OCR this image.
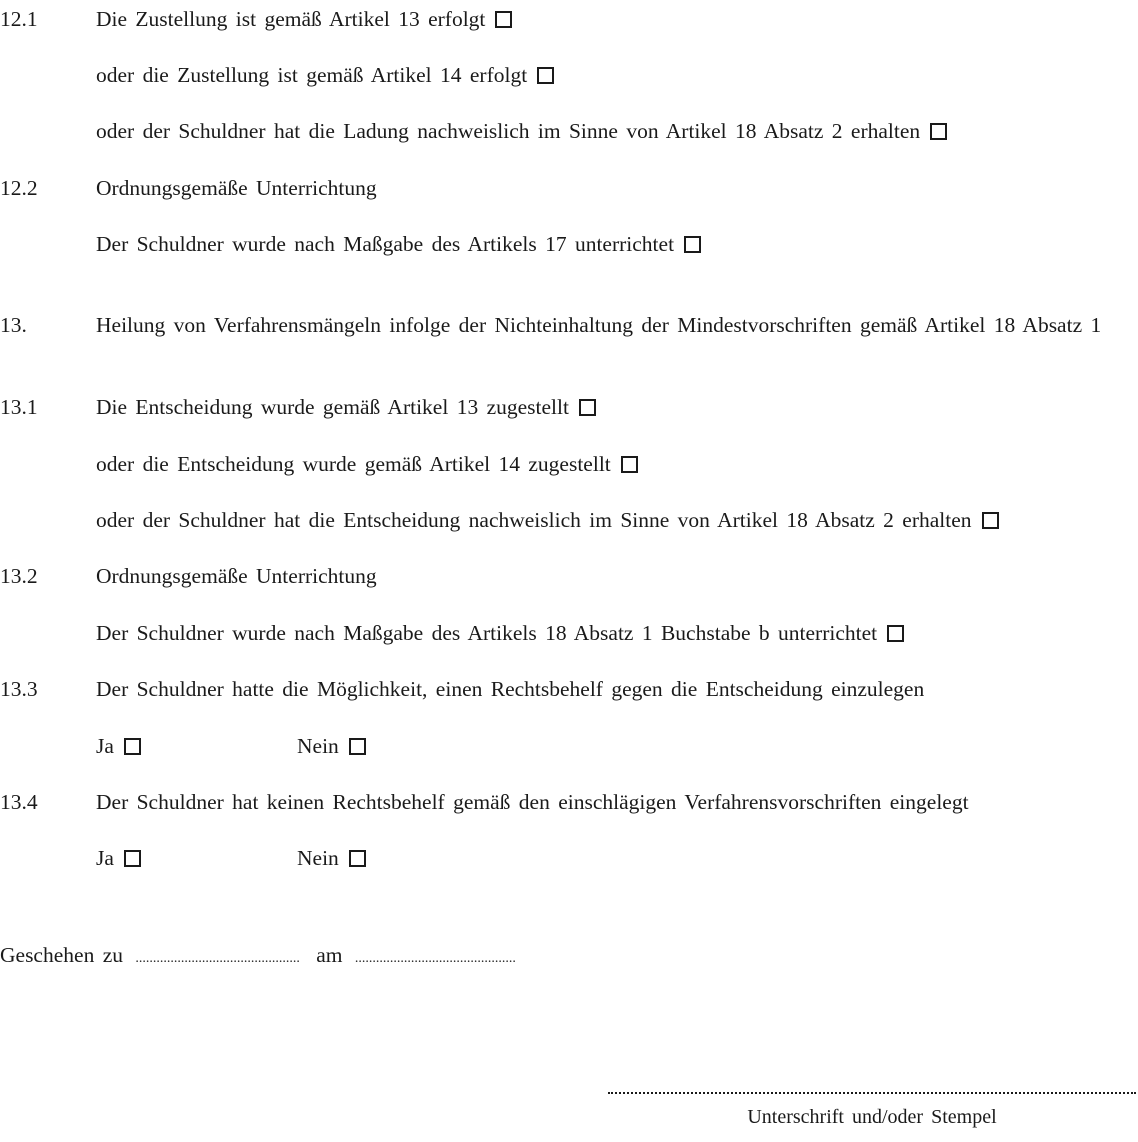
12.1	Die Zustellung ist gemäß Artikel 13 erfolgt
oder die Zustellung ist gemäß Artikel 14 erfolgt
oder der Schuldner hat die Ladung nachweislich im Sinne von Artikel 18 Absatz 2 erhalten
12.2	Ordnungsgemäße Unterrichtung
Der Schuldner wurde nach Maßgabe des Artikels 17 unterrichtet
13.	Heilung von Verfahrensmängeln infolge der Nichteinhaltung der Mindestvorschriften gemäß Artikel 18 Absatz 1
13.1	Die Entscheidung wurde gemäß Artikel 13 zugestellt
oder die Entscheidung wurde gemäß Artikel 14 zugestellt
oder der Schuldner hat die Entscheidung nachweislich im Sinne von Artikel 18 Absatz 2 erhalten
13.2	Ordnungsgemäße Unterrichtung
Der Schuldner wurde nach Maßgabe des Artikels 18 Absatz 1 Buchstabe b unterrichtet
13.3	Der Schuldner hatte die Möglichkeit, einen Rechtsbehelf gegen die Entscheidung einzulegen
Ja	Nein
13.4	Der Schuldner hat keinen Rechtsbehelf gemäß den einschlägigen Verfahrensvorschriften eingelegt
Ja	Nein
Geschehen zu ............................................... am ..............................................
Unterschrift und/oder Stempel
